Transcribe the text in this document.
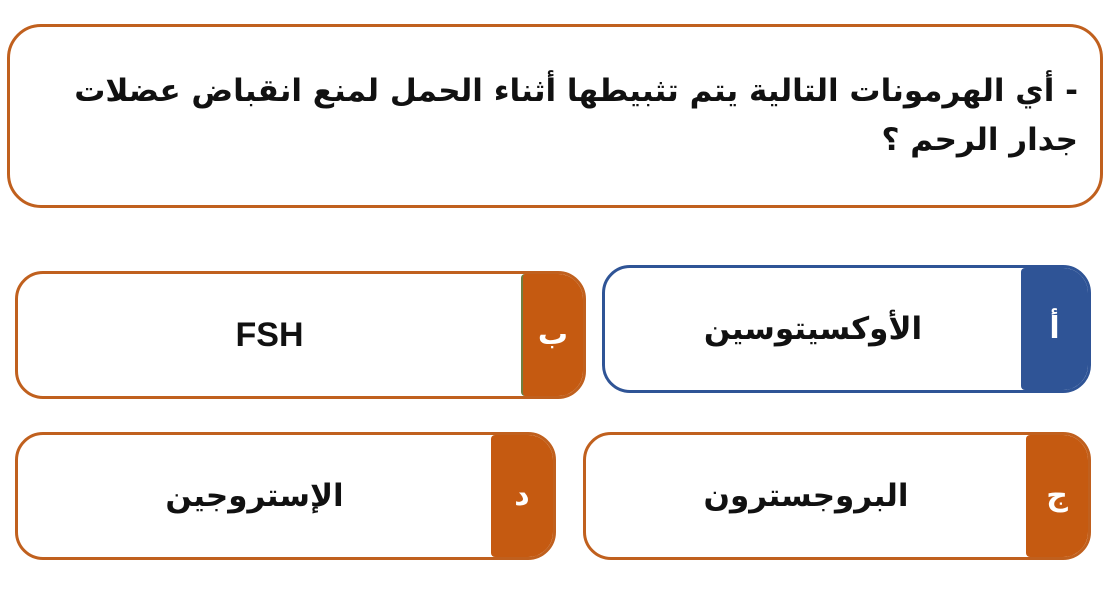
- أي الهرمونات التالية يتم تثبيطها أثناء الحمل لمنع انقباض عضلات جدار الرحم ؟

أ
الأوكسيتوسين
ب
FSH
ج
البروجسترون
د
الإستروجين
